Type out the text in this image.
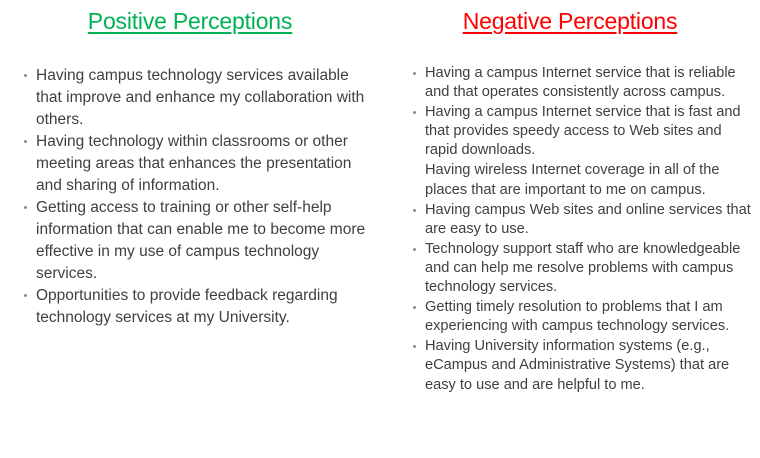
Positive Perceptions
Having campus technology services available that improve and enhance my collaboration with others.
Having technology within classrooms or other meeting areas that enhances the presentation and sharing of information.
Getting access to training or other self-help information that can enable me to become more effective in my use of campus technology services.
Opportunities to provide feedback regarding technology services at my University.
Negative Perceptions
Having a campus Internet service that is reliable and that operates consistently across campus.
Having a campus Internet service that is fast and that provides speedy access to Web sites and rapid downloads.
Having wireless Internet coverage in all of the places that are important to me on campus.
Having campus Web sites and online services that are easy to use.
Technology support staff who are knowledgeable and can help me resolve problems with campus technology services.
Getting timely resolution to problems that I am experiencing with campus technology services.
Having University information systems (e.g., eCampus and Administrative Systems) that are easy to use and are helpful to me.
